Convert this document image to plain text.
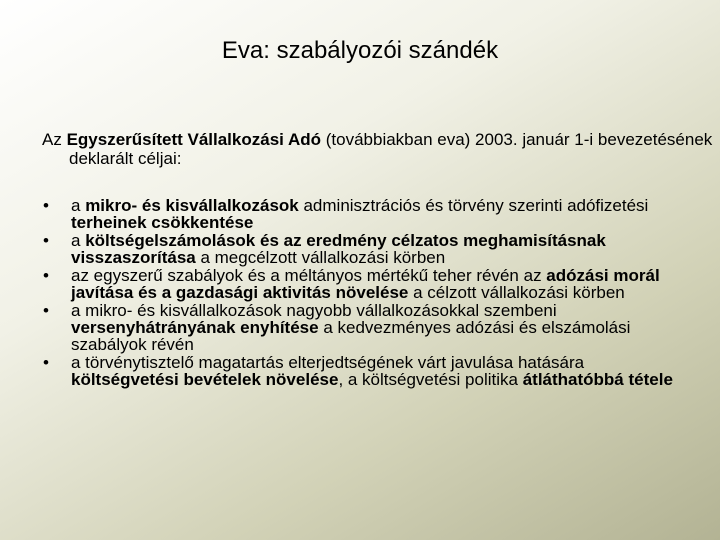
Eva: szabályozói szándék
Az Egyszerűsített Vállalkozási Adó (továbbiakban eva) 2003. január 1-i bevezetésének deklarált céljai:
• a mikro- és kisvállalkozások adminisztrációs és törvény szerinti adófizetési terheinek csökkentése
• a költségelszámolások és az eredmény célzatos meghamisításnak visszaszorítása a megcélzott vállalkozási körben
• az egyszerű szabályok és a méltányos mértékű teher révén az adózási morál javítása és a gazdasági aktivitás növelése a célzott vállalkozási körben
• a mikro- és kisvállalkozások nagyobb vállalkozásokkal szembeni versenyhátrányának enyhítése a kedvezményes adózási és elszámolási szabályok révén
• a törvénytisztelő magatartás elterjedtségének várt javulása hatására költségvetési bevételek növelése, a költségvetési politika átláthatóbbá tétele
